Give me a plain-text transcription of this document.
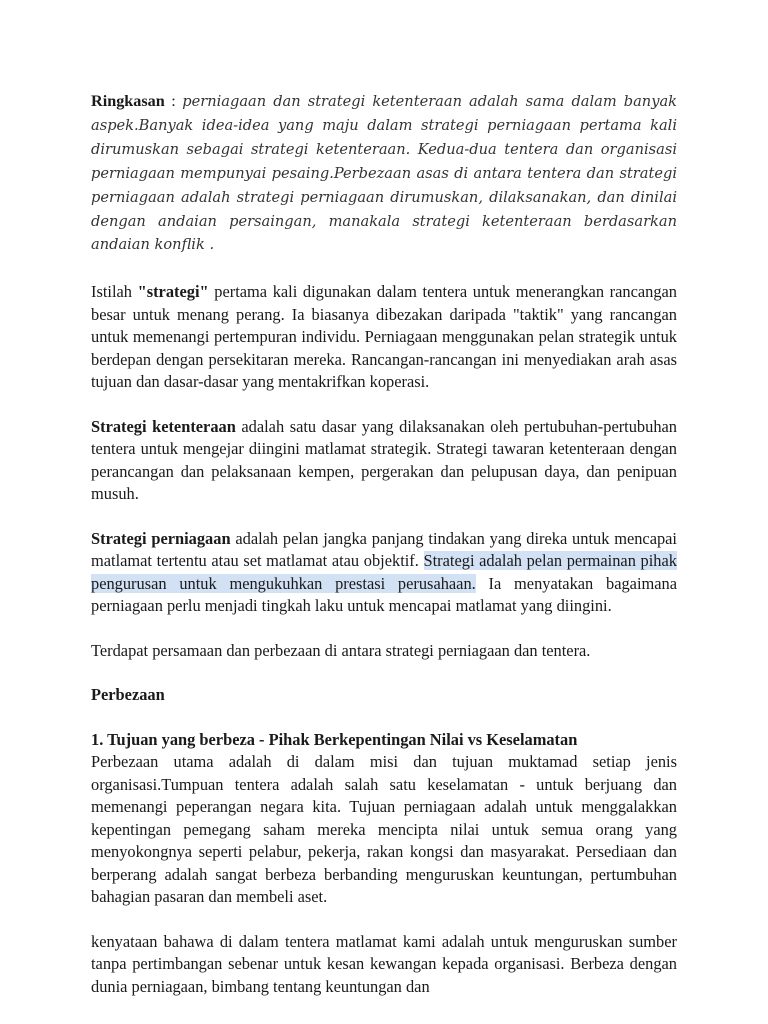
Ringkasan : perniagaan dan strategi ketenteraan adalah sama dalam banyak aspek.Banyak idea-idea yang maju dalam strategi perniagaan pertama kali dirumuskan sebagai strategi ketenteraan. Kedua-dua tentera dan organisasi perniagaan mempunyai pesaing.Perbezaan asas di antara tentera dan strategi perniagaan adalah strategi perniagaan dirumuskan, dilaksanakan, dan dinilai dengan andaian persaingan, manakala strategi ketenteraan berdasarkan andaian konflik .

Istilah "strategi" pertama kali digunakan dalam tentera untuk menerangkan rancangan besar untuk menang perang. Ia biasanya dibezakan daripada "taktik" yang rancangan untuk memenangi pertempuran individu. Perniagaan menggunakan pelan strategik untuk berdepan dengan persekitaran mereka. Rancangan-rancangan ini menyediakan arah asas tujuan dan dasar-dasar yang mentakrifkan koperasi.

Strategi ketenteraan adalah satu dasar yang dilaksanakan oleh pertubuhan-pertubuhan tentera untuk mengejar diingini matlamat strategik. Strategi tawaran ketenteraan dengan perancangan dan pelaksanaan kempen, pergerakan dan pelupusan daya, dan penipuan musuh.

Strategi perniagaan adalah pelan jangka panjang tindakan yang direka untuk mencapai matlamat tertentu atau set matlamat atau objektif. Strategi adalah pelan permainan pihak pengurusan untuk mengukuhkan prestasi perusahaan. Ia menyatakan bagaimana perniagaan perlu menjadi tingkah laku untuk mencapai matlamat yang diingini.

Terdapat persamaan dan perbezaan di antara strategi perniagaan dan tentera.

Perbezaan

1. Tujuan yang berbeza - Pihak Berkepentingan Nilai vs Keselamatan

Perbezaan utama adalah di dalam misi dan tujuan muktamad setiap jenis organisasi.Tumpuan tentera adalah salah satu keselamatan - untuk berjuang dan memenangi peperangan negara kita. Tujuan perniagaan adalah untuk menggalakkan kepentingan pemegang saham mereka mencipta nilai untuk semua orang yang menyokongnya seperti pelabur, pekerja, rakan kongsi dan masyarakat. Persediaan dan berperang adalah sangat berbeza berbanding menguruskan keuntungan, pertumbuhan bahagian pasaran dan membeli aset.

kenyataan bahawa di dalam tentera matlamat kami adalah untuk menguruskan sumber tanpa pertimbangan sebenar untuk kesan kewangan kepada organisasi. Berbeza dengan dunia perniagaan, bimbang tentang keuntungan dan
